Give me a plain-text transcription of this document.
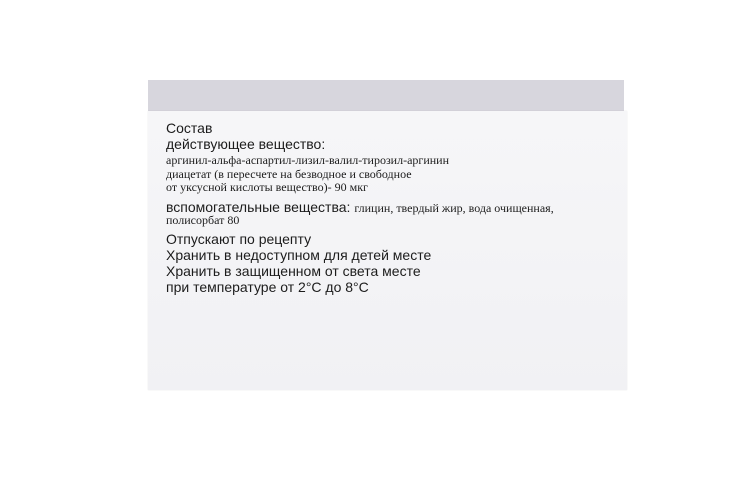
Состав
действующее вещество:
аргинил-альфа-аспартил-лизил-валил-тирозил-аргинин
диацетат (в пересчете на безводное и свободное
от уксусной кислоты вещество)- 90 мкг
вспомогательные вещества: глицин, твердый жир, вода очищенная,
полисорбат 80
Отпускают по рецепту
Хранить в недоступном для детей месте
Хранить в защищенном от света месте
при температуре от 2°С до 8°С
